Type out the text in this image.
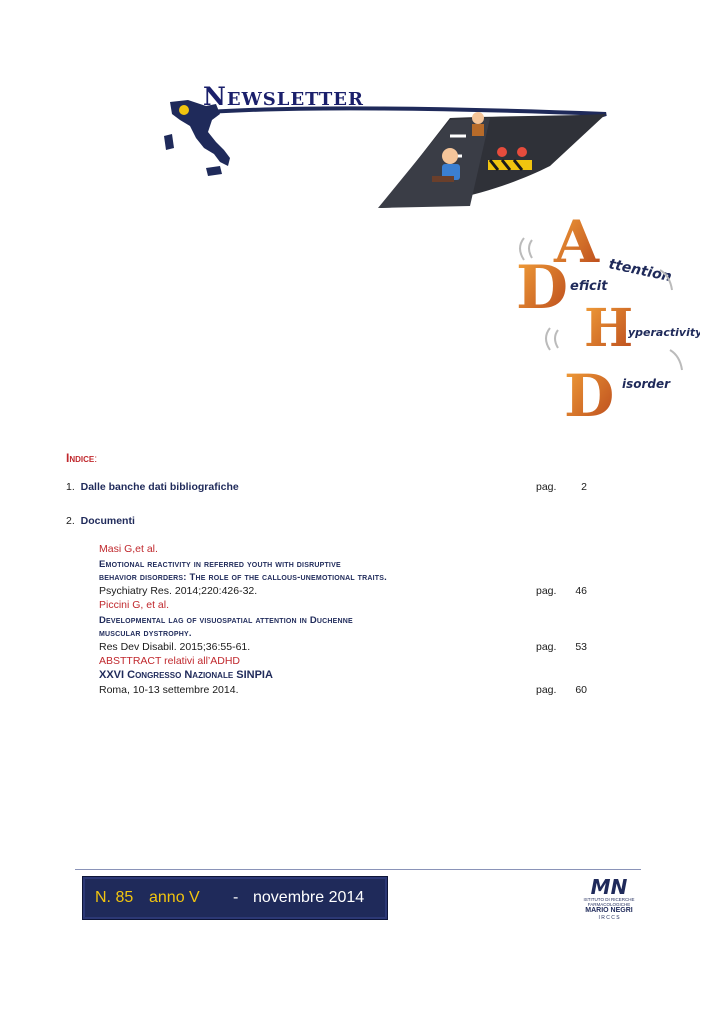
Newsletter
A ttention
D eficit
H
yperactivity
D isorder
Indice:
1. Dalle banche dati bibliografiche	pag.	2
2. Documenti
Masi G,et al.
Emotional reactivity in referred youth with disruptive
behavior disorders: The role of the callous-unemotional traits.
Psychiatry Res. 2014;220:426-32.	pag.	46
Piccini G, et al.
Developmental lag of visuospatial attention in Duchenne
muscular dystrophy.
Res Dev Disabil. 2015;36:55-61.	pag.	53
ABSTTRACT relativi all’ADHD
XXVI Congresso Nazionale SINPIA
Roma, 10-13 settembre 2014.	pag.	60
N. 85 anno V - novembre 2014	MN
ISTITUTO DI RICERCHE
FARMACOLOGICHE
MARIO NEGRI
I R C C S
